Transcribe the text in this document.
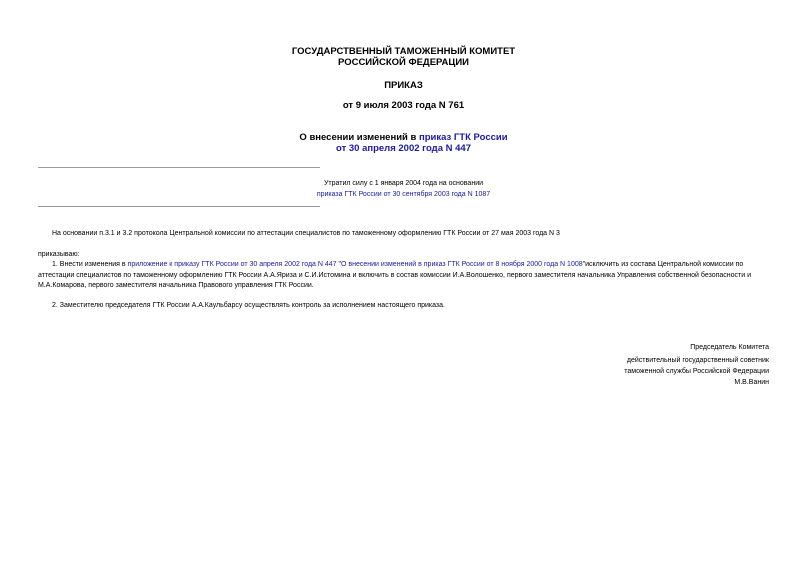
ГОСУДАРСТВЕННЫЙ ТАМОЖЕННЫЙ КОМИТЕТ
РОССИЙСКОЙ ФЕДЕРАЦИИ
ПРИКАЗ
от 9 июля 2003 года N 761
О внесении изменений в приказ ГТК России
от 30 апреля 2002 года N 447
Утратил силу с 1 января 2004 года на основании
приказа ГТК России от 30 сентября 2003 года N 1087
На основании п.3.1 и 3.2 протокола Центральной комиссии по аттестации специалистов по таможенному оформлению ГТК России от 27 мая 2003 года N 3
приказываю:
1. Внести изменения в приложение к приказу ГТК России от 30 апреля 2002 года N 447 "О внесении изменений в приказ ГТК России от 8 ноября 2000 года N 1008"исключить из состава Центральной комиссии по аттестации специалистов по таможенному оформлению ГТК России А.А.Яриза и С.И.Истомина и включить в состав комиссии И.А.Волошенко, первого заместителя начальника Управления собственной безопасности и М.А.Комарова, первого заместителя начальника Правового управления ГТК России.
2. Заместителю председателя ГТК России А.А.Каульбарсу осуществлять контроль за исполнением настоящего приказа.
Председатель Комитета
действительный государственный советник
таможенной службы Российской Федерации
М.В.Ванин
